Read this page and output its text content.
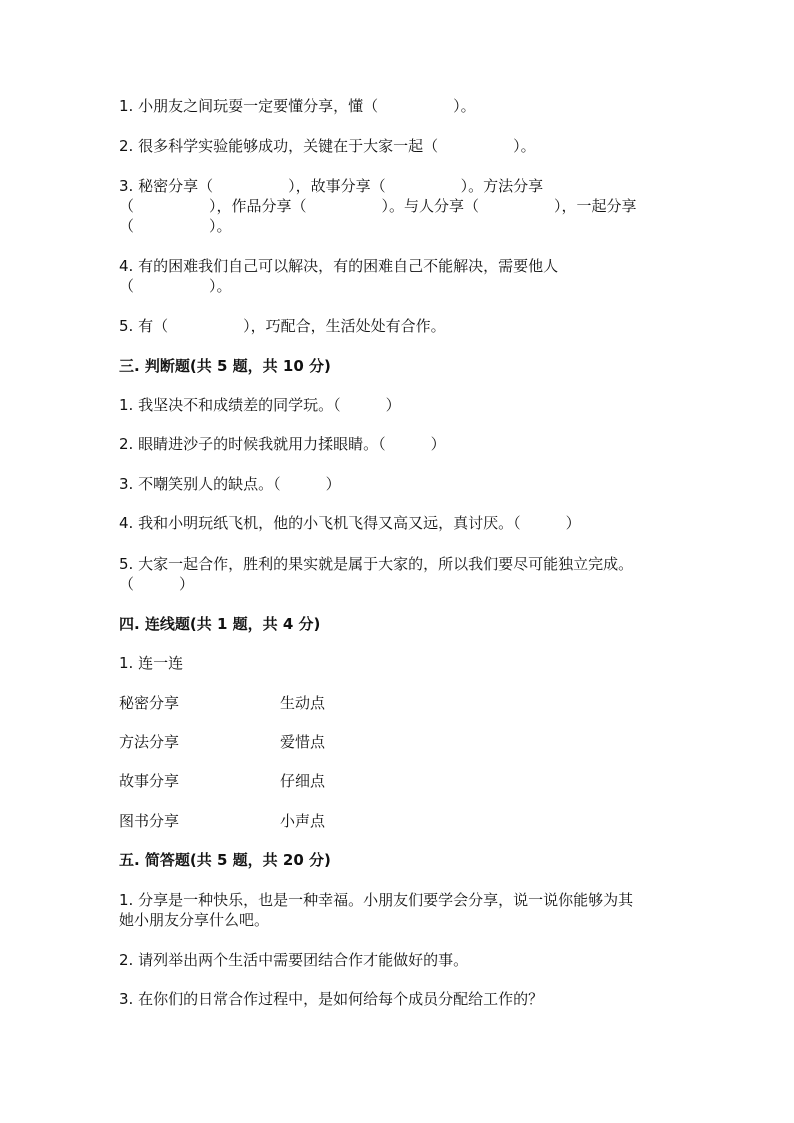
1. 小朋友之间玩耍一定要懂分享，懂（　　　　　）。
2. 很多科学实验能够成功，关键在于大家一起（　　　　　）。
3. 秘密分享（　　　　　），故事分享（　　　　　）。方法分享
（　　　　　），作品分享（　　　　　）。与人分享（　　　　　），一起分享
（　　　　　）。
4. 有的困难我们自己可以解决，有的困难自己不能解决，需要他人
（　　　　　）。
5. 有（　　　　　），巧配合，生活处处有合作。
三. 判断题(共 5 题，共 10 分)
1. 我坚决不和成绩差的同学玩。（　　　）
2. 眼睛进沙子的时候我就用力揉眼睛。（　　　）
3. 不嘲笑别人的缺点。（　　　）
4. 我和小明玩纸飞机，他的小飞机飞得又高又远，真讨厌。（　　　）
5. 大家一起合作，胜利的果实就是属于大家的，所以我们要尽可能独立完成。
（　　　）
四. 连线题(共 1 题，共 4 分)
1. 连一连
秘密分享	生动点
方法分享	爱惜点
故事分享	仔细点
图书分享	小声点
五. 简答题(共 5 题，共 20 分)
1. 分享是一种快乐，也是一种幸福。小朋友们要学会分享，说一说你能够为其
她小朋友分享什么吧。
2. 请列举出两个生活中需要团结合作才能做好的事。
3. 在你们的日常合作过程中，是如何给每个成员分配给工作的？
